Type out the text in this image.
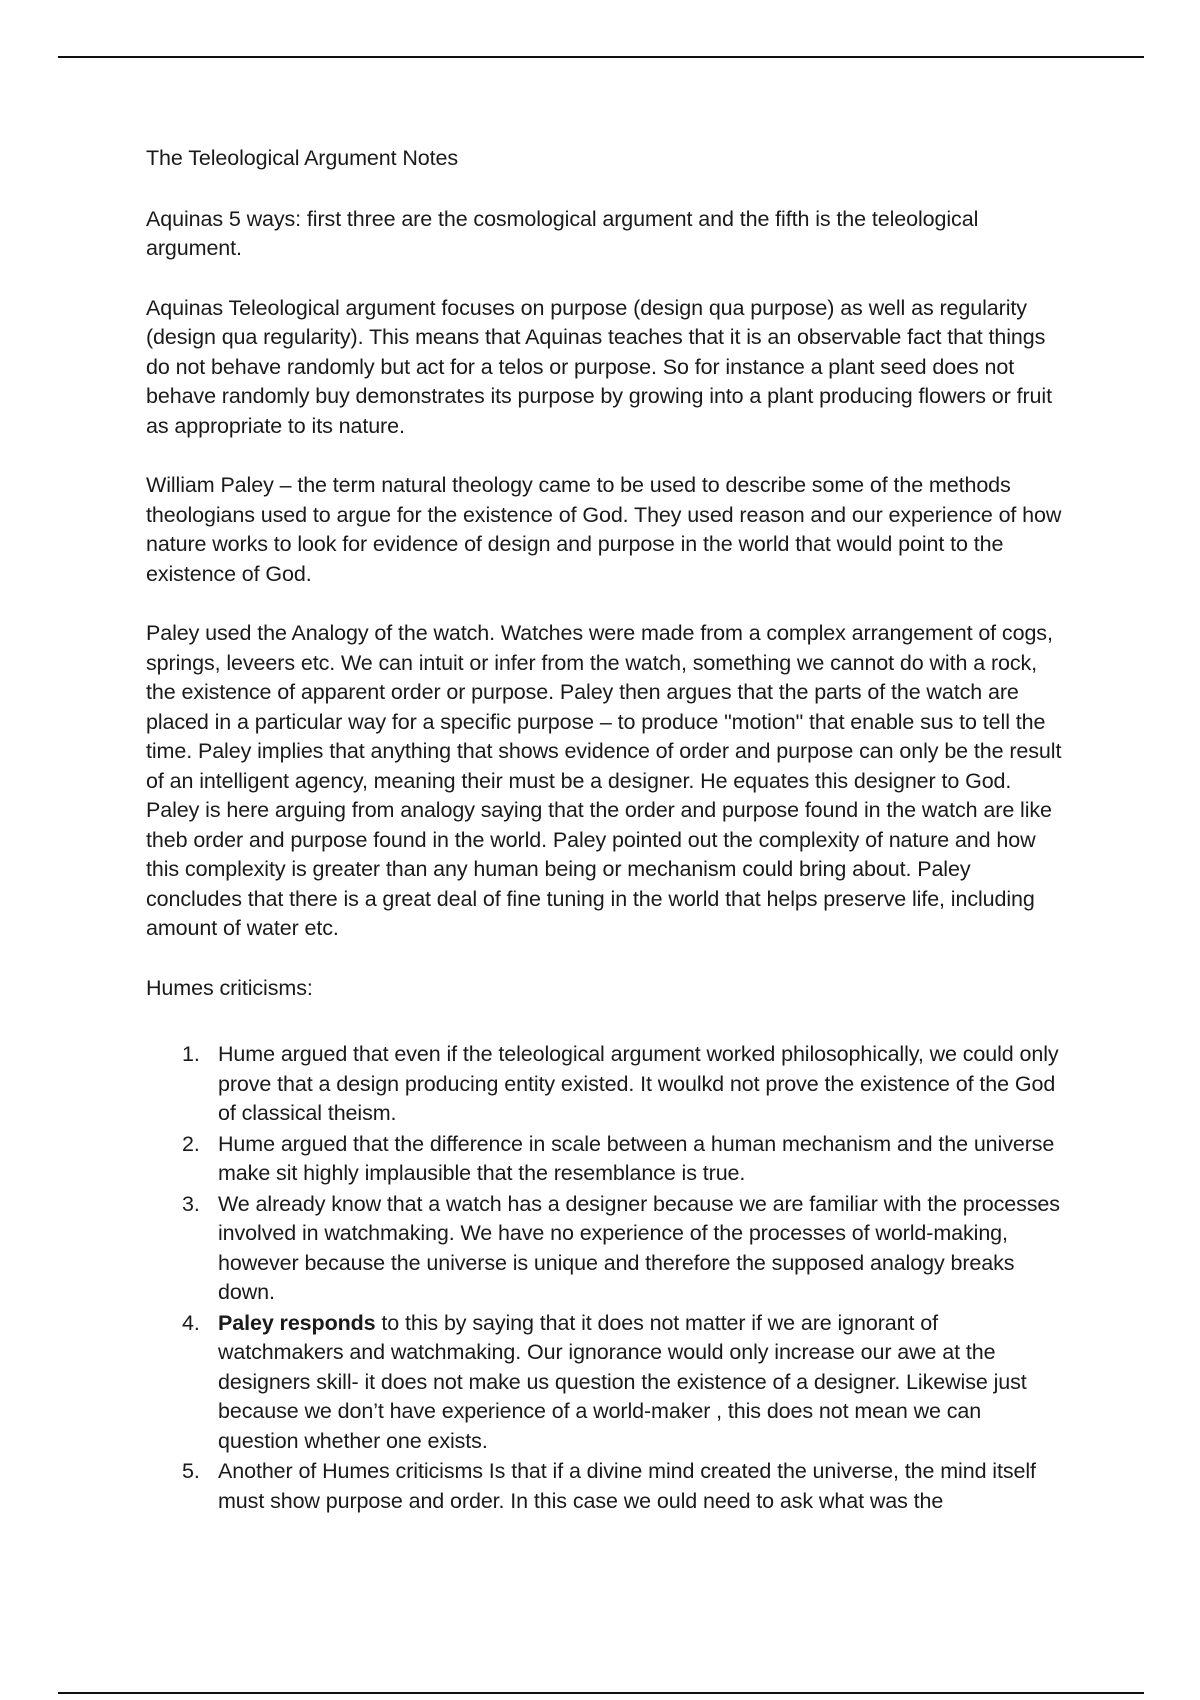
The Teleological Argument Notes

Aquinas 5 ways: first three are the cosmological argument and the fifth is the teleological argument.

Aquinas Teleological argument focuses on purpose (design qua purpose) as well as regularity (design qua regularity). This means that Aquinas teaches that it is an observable fact that things do not behave randomly but act for a telos or purpose. So for instance a plant seed does not behave randomly buy demonstrates its purpose by growing into a plant producing flowers or fruit as appropriate to its nature.

William Paley – the term natural theology came to be used to describe some of the methods theologians used to argue for the existence of God. They used reason and our experience of how nature works to look for evidence of design and purpose in the world that would point to the existence of God.

Paley used the Analogy of the watch. Watches were made from a complex arrangement of cogs, springs, leveers etc. We can intuit or infer from the watch, something we cannot do with a rock, the existence of apparent order or purpose. Paley then argues that the parts of the watch are placed in a particular way for a specific purpose – to produce "motion" that enable sus to tell the time. Paley implies that anything that shows evidence of order and purpose can only be the result of an intelligent agency, meaning their must be a designer. He equates this designer to God. Paley is here arguing from analogy saying that the order and purpose found in the watch are like theb order and purpose found in the world. Paley pointed out the complexity of nature and how this complexity is greater than any human being or mechanism could bring about. Paley concludes that there is a great deal of fine tuning in the world that helps preserve life, including amount of water etc.

Humes criticisms:

1. Hume argued that even if the teleological argument worked philosophically, we could only prove that a design producing entity existed. It woulkd not prove the existence of the God of classical theism.
2. Hume argued that the difference in scale between a human mechanism and the universe make sit highly implausible that the resemblance is true.
3. We already know that a watch has a designer because we are familiar with the processes involved in watchmaking. We have no experience of the processes of world-making, however because the universe is unique and therefore the supposed analogy breaks down.
4. Paley responds to this by saying that it does not matter if we are ignorant of watchmakers and watchmaking. Our ignorance would only increase our awe at the designers skill- it does not make us question the existence of a designer. Likewise just because we don’t have experience of a world-maker , this does not mean we can question whether one exists.
5. Another of Humes criticisms Is that if a divine mind created the universe, the mind itself must show purpose and order. In this case we ould need to ask what was the
